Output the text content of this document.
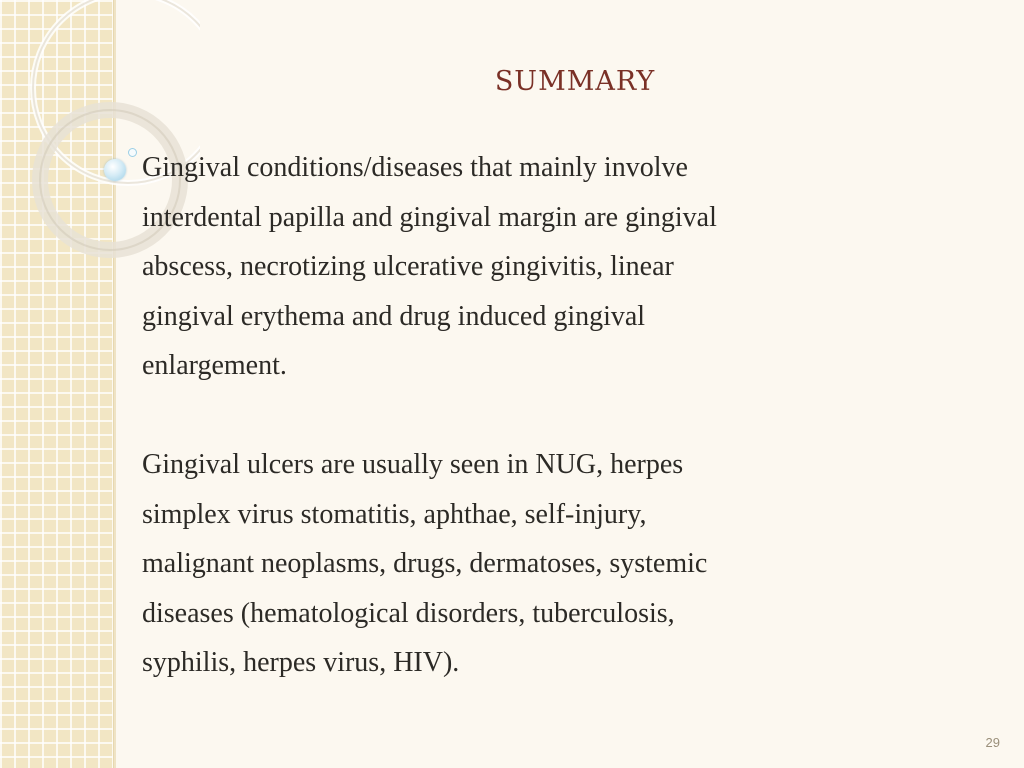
summary

Gingival conditions/diseases that mainly involve
interdental papilla and gingival margin are gingival
abscess, necrotizing ulcerative gingivitis, linear
gingival erythema and drug induced gingival
enlargement.

Gingival ulcers are usually seen in NUG, herpes
simplex virus stomatitis, aphthae, self-injury,
malignant neoplasms, drugs, dermatoses, systemic
diseases (hematological disorders, tuberculosis,
syphilis, herpes virus, HIV).

29
